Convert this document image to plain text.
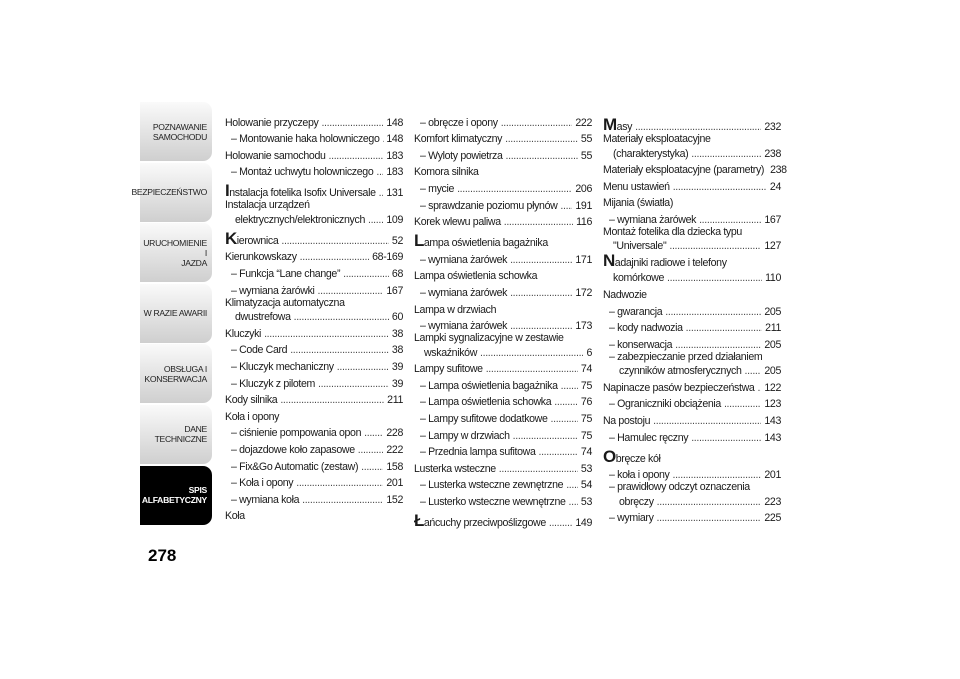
POZNAWANIE
SAMOCHODU
BEZPIECZEŃSTWO
URUCHOMIENIE I
JAZDA
W RAZIE AWARII
OBSŁUGA I
KONSERWACJA
DANE TECHNICZNE
SPIS
ALFABETYCZNY
278
Holowanie przyczepy .....	148
– Montowanie haka holowniczego ..... 148
Holowanie samochodu .....	183
– Montaż uchwytu holowniczego ..... 183
Instalacja fotelika Isofix Universale ..... 131
Instalacja urządzeń
elektrycznych/elektronicznych ..... 109
Kierownica .....	52
Kierunkowskazy .....	68-169
– Funkcja “Lane change” .....	68
– wymiana żarówki .....	167
Klimatyzacja automatyczna
dwustrefowa .....	60
Kluczyki .....	38
– Code Card .....	38
– Kluczyk mechaniczny .....	39
– Kluczyk z pilotem .....	39
Kody silnika .....	211
Koła i opony
– ciśnienie pompowania opon ..... 228
– dojazdowe koło zapasowe .....	222
– Fix&Go Automatic (zestaw) .....	158
– Koła i opony .....	201
– wymiana koła .....	152
Koła
– obręcze i opony .....	222
Komfort klimatyczny .....	55
– Wyloty powietrza .....	55
Komora silnika
– mycie .....	206
– sprawdzanie poziomu płynów ..... 191
Korek wlewu paliwa .....	116
Lampa oświetlenia bagażnika
– wymiana żarówek .....	171
Lampa oświetlenia schowka
– wymiana żarówek .....	172
Lampa w drzwiach
– wymiana żarówek .....	173
Lampki sygnalizacyjne w zestawie
wskaźników .....	6
Lampy sufitowe .....	74
– Lampa oświetlenia bagażnika ..... 75
– Lampa oświetlenia schowka .....	76
– Lampy sufitowe dodatkowe .....	75
– Lampy w drzwiach .....	75
– Przednia lampa sufitowa .....	74
Lusterka wsteczne .....	53
– Lusterka wsteczne zewnętrzne ..... 54
– Lusterko wsteczne wewnętrzne ..... 53
Łańcuchy przeciwpoślizgowe .....	149
Masy .....	232
Materiały eksploatacyjne
(charakterystyka) .....	238
Materiały eksploatacyjne (parametry) 238
Menu ustawień .....	24
Mijania (światła)
– wymiana żarówek .....	167
Montaż fotelika dla dziecka typu
"Universale" .....	127
Nadajniki radiowe i telefony
komórkowe .....	110
Nadwozie
– gwarancja .....	205
– kody nadwozia .....	211
– konserwacja .....	205
– zabezpieczanie przed działaniem
czynników atmosferycznych ..... 205
Napinacze pasów bezpieczeństwa ..... 122
– Ograniczniki obciążenia .....	123
Na postoju .....	143
– Hamulec ręczny .....	143
Obręcze kół
– koła i opony .....	201
– prawidłowy odczyt oznaczenia
obręczy .....	223
– wymiary .....	225
